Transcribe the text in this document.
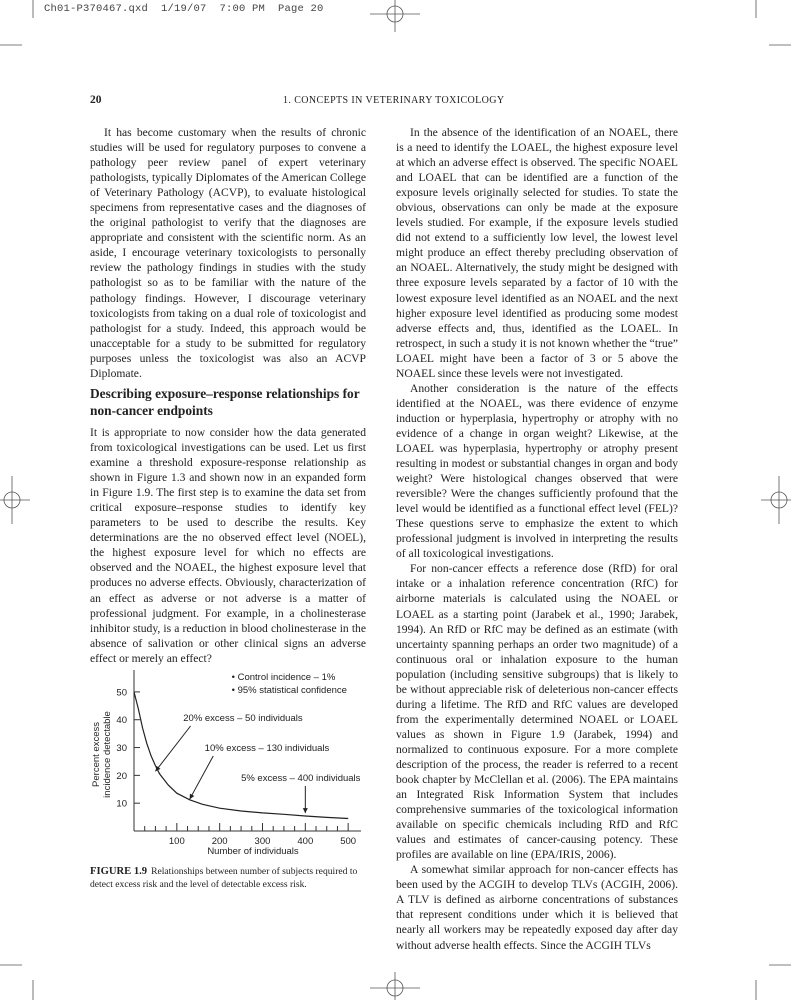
Ch01-P370467.qxd  1/19/07  7:00 PM  Page 20
20	1. CONCEPTS IN VETERINARY TOXICOLOGY

It has become customary when the results of chronic studies will be used for regulatory purposes to convene a pathology peer review panel of expert veterinary pathologists, typically Diplomates of the American College of Veterinary Pathology (ACVP), to evaluate histological specimens from representative cases and the diagnoses of the original pathologist to verify that the diagnoses are appropriate and consistent with the scientific norm. As an aside, I encourage veterinary toxicologists to personally review the pathology findings in studies with the study pathologist so as to be familiar with the nature of the pathology findings. However, I discourage veterinary toxicologists from taking on a dual role of toxicologist and pathologist for a study. Indeed, this approach would be unacceptable for a study to be submitted for regulatory purposes unless the toxicologist was also an ACVP Diplomate.

Describing exposure–response relationships for non-cancer endpoints

It is appropriate to now consider how the data generated from toxicological investigations can be used. Let us first examine a threshold exposure-response relationship as shown in Figure 1.3 and shown now in an expanded form in Figure 1.9. The first step is to examine the data set from critical exposure–response studies to identify key parameters to be used to describe the results. Key determinations are the no observed effect level (NOEL), the highest exposure level for which no effects are observed and the NOAEL, the highest exposure level that produces no adverse effects. Obviously, characterization of an effect as adverse or not adverse is a matter of professional judgment. For example, in a cholinesterase inhibitor study, is a reduction in blood cholinesterase in the absence of salivation or other clinical signs an adverse effect or merely an effect?

Percent excess incidence detectable
10
20
30
40
50
100	200	300	400	500
• Control incidence – 1%
• 95% statistical confidence
20% excess – 50 individuals
10% excess – 130 individuals
5% excess – 400 individuals
Number of individuals
FIGURE 1.9 Relationships between number of subjects required to detect excess risk and the level of detectable excess risk.

In the absence of the identification of an NOAEL, there is a need to identify the LOAEL, the highest exposure level at which an adverse effect is observed. The specific NOAEL and LOAEL that can be identified are a function of the exposure levels originally selected for studies. To state the obvious, observations can only be made at the exposure levels studied. For example, if the exposure levels studied did not extend to a sufficiently low level, the lowest level might produce an effect thereby precluding observation of an NOAEL. Alternatively, the study might be designed with three exposure levels separated by a factor of 10 with the lowest exposure level identified as an NOAEL and the next higher exposure level identified as producing some modest adverse effects and, thus, identified as the LOAEL. In retrospect, in such a study it is not known whether the “true” LOAEL might have been a factor of 3 or 5 above the NOAEL since these levels were not investigated.

Another consideration is the nature of the effects identified at the NOAEL, was there evidence of enzyme induction or hyperplasia, hypertrophy or atrophy with no evidence of a change in organ weight? Likewise, at the LOAEL was hyperplasia, hypertrophy or atrophy present resulting in modest or substantial changes in organ and body weight? Were histological changes observed that were reversible? Were the changes sufficiently profound that the level would be identified as a functional effect level (FEL)? These questions serve to emphasize the extent to which professional judgment is involved in interpreting the results of all toxicological investigations.

For non-cancer effects a reference dose (RfD) for oral intake or a inhalation reference concentration (RfC) for airborne materials is calculated using the NOAEL or LOAEL as a starting point (Jarabek et al., 1990; Jarabek, 1994). An RfD or RfC may be defined as an estimate (with uncertainty spanning perhaps an order two magnitude) of a continuous oral or inhalation exposure to the human population (including sensitive subgroups) that is likely to be without appreciable risk of deleterious non-cancer effects during a lifetime. The RfD and RfC values are developed from the experimentally determined NOAEL or LOAEL values as shown in Figure 1.9 (Jarabek, 1994) and normalized to continuous exposure. For a more complete description of the process, the reader is referred to a recent book chapter by McClellan et al. (2006). The EPA maintains an Integrated Risk Information System that includes comprehensive summaries of the toxicological information available on specific chemicals including RfD and RfC values and estimates of cancer-causing potency. These profiles are available on line (EPA/IRIS, 2006).

A somewhat similar approach for non-cancer effects has been used by the ACGIH to develop TLVs (ACGIH, 2006). A TLV is defined as airborne concentrations of substances that represent conditions under which it is believed that nearly all workers may be repeatedly exposed day after day without adverse health effects. Since the ACGIH TLVs
